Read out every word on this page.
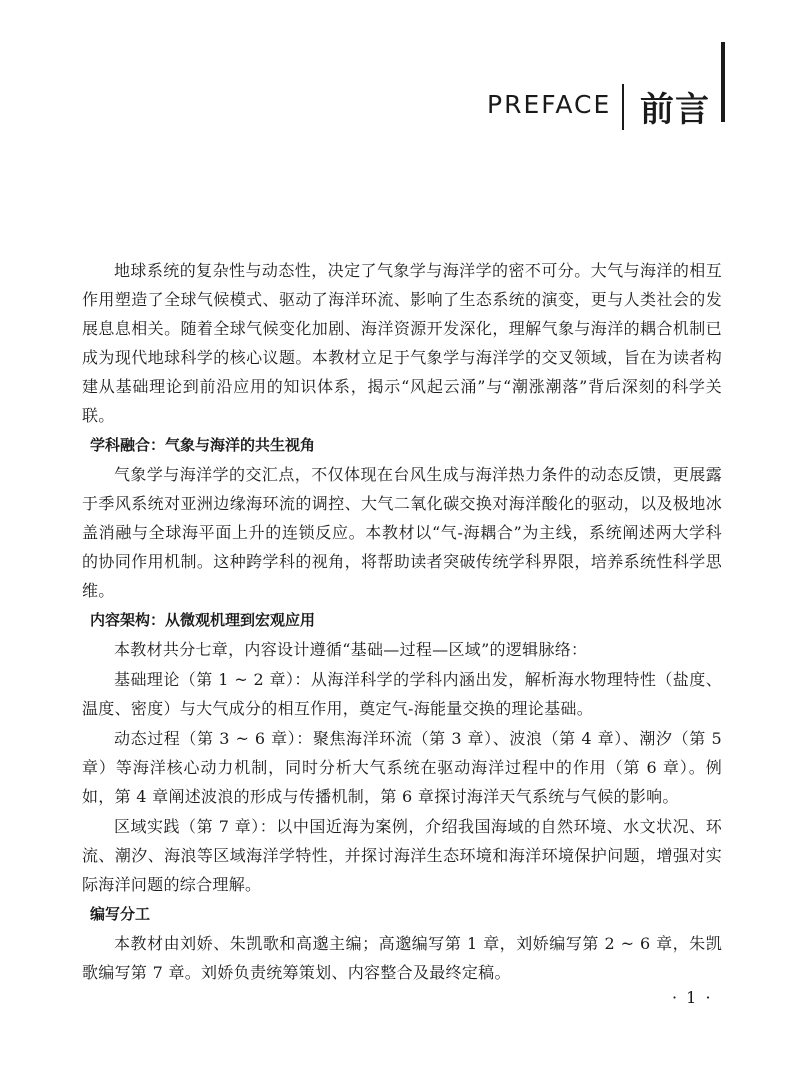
PREFACE 前言

地球系统的复杂性与动态性，决定了气象学与海洋学的密不可分。大气与海洋的相互作用塑造了全球气候模式、驱动了海洋环流、影响了生态系统的演变，更与人类社会的发展息息相关。随着全球气候变化加剧、海洋资源开发深化，理解气象与海洋的耦合机制已成为现代地球科学的核心议题。本教材立足于气象学与海洋学的交叉领域，旨在为读者构建从基础理论到前沿应用的知识体系，揭示“风起云涌”与“潮涨潮落”背后深刻的科学关联。

学科融合：气象与海洋的共生视角

气象学与海洋学的交汇点，不仅体现在台风生成与海洋热力条件的动态反馈，更展露于季风系统对亚洲边缘海环流的调控、大气二氧化碳交换对海洋酸化的驱动，以及极地冰盖消融与全球海平面上升的连锁反应。本教材以“气-海耦合”为主线，系统阐述两大学科的协同作用机制。这种跨学科的视角，将帮助读者突破传统学科界限，培养系统性科学思维。

内容架构：从微观机理到宏观应用

本教材共分七章，内容设计遵循“基础—过程—区域”的逻辑脉络：

基础理论（第 1 ~ 2 章）：从海洋科学的学科内涵出发，解析海水物理特性（盐度、温度、密度）与大气成分的相互作用，奠定气-海能量交换的理论基础。

动态过程（第 3 ~ 6 章）：聚焦海洋环流（第 3 章）、波浪（第 4 章）、潮汐（第 5 章）等海洋核心动力机制，同时分析大气系统在驱动海洋过程中的作用（第 6 章）。例如，第 4 章阐述波浪的形成与传播机制，第 6 章探讨海洋天气系统与气候的影响。

区域实践（第 7 章）：以中国近海为案例，介绍我国海域的自然环境、水文状况、环流、潮汐、海浪等区域海洋学特性，并探讨海洋生态环境和海洋环境保护问题，增强对实际海洋问题的综合理解。

编写分工

本教材由刘娇、朱凯歌和高邈主编；高邈编写第 1 章，刘娇编写第 2 ~ 6 章，朱凯歌编写第 7 章。刘娇负责统筹策划、内容整合及最终定稿。

· 1 ·
